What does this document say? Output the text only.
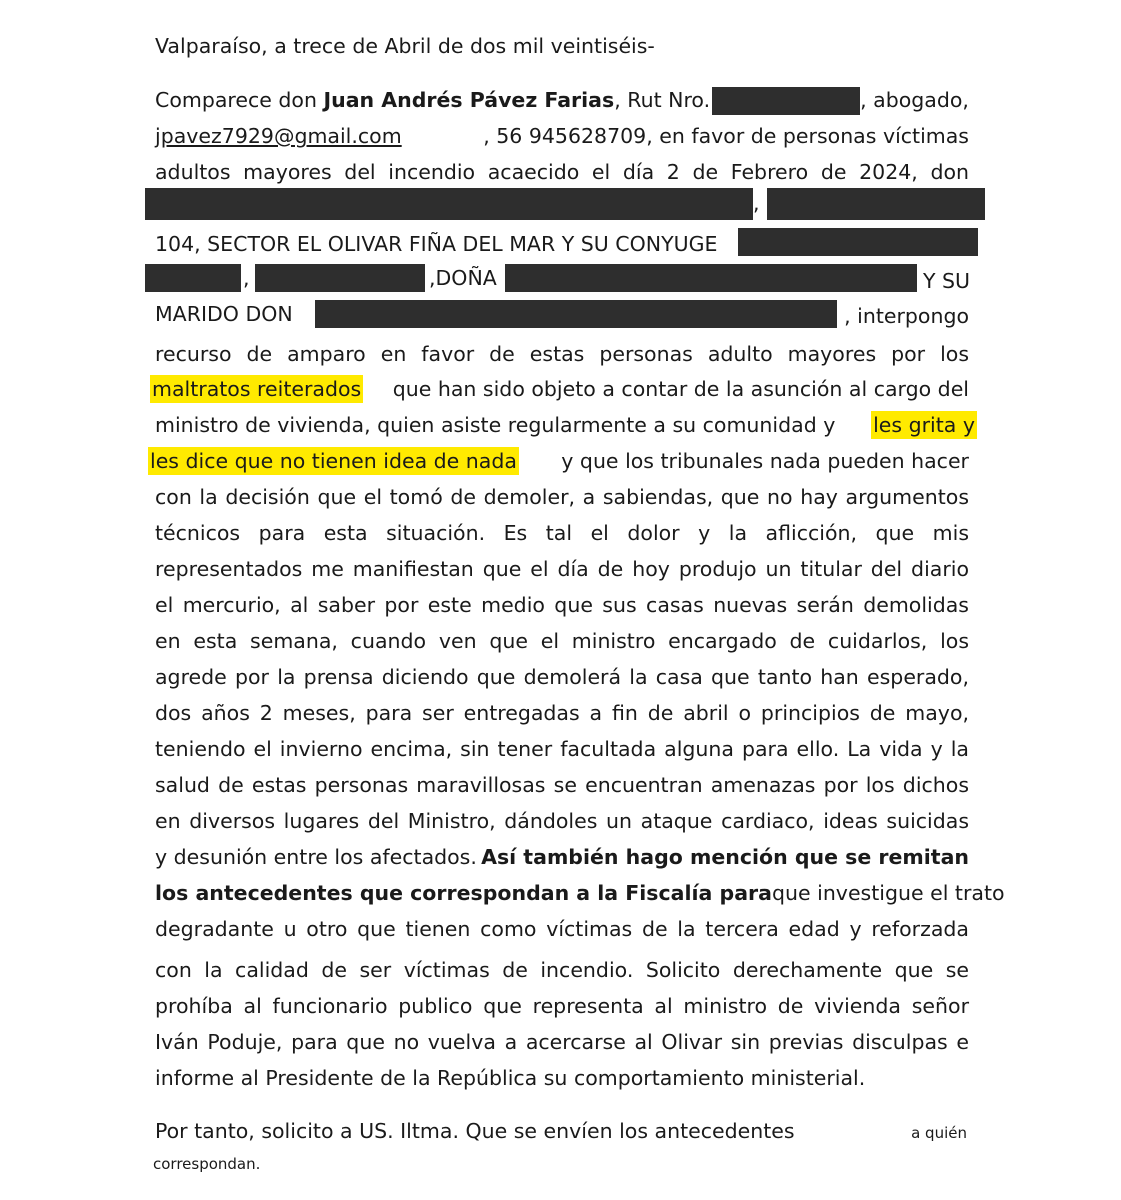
Valparaíso, a trece de Abril de dos mil veintiséis-
Comparece don Juan Andrés Pávez Farias, Rut Nro.	, abogado,
jpavez7929@gmail.com	, 56 945628709, en favor de personas víctimas
adultos mayores del incendio acaecido el día 2 de Febrero de 2024, don
,
104, SECTOR EL OLIVAR FIÑA DEL MAR Y SU CONYUGE
,	,DOÑA	Y SU
MARIDO DON	, interpongo
recurso de amparo en favor de estas personas adulto mayores por los
maltratos reiterados que han sido objeto a contar de la asunción al cargo del
ministro de vivienda, quien asiste regularmente a su comunidad y les grita y
les dice que no tienen idea de nada y que los tribunales nada pueden hacer
con la decisión que el tomó de demoler, a sabiendas, que no hay argumentos
técnicos para esta situación. Es tal el dolor y la aflicción, que mis
representados me manifiestan que el día de hoy produjo un titular del diario
el mercurio, al saber por este medio que sus casas nuevas serán demolidas
en esta semana, cuando ven que el ministro encargado de cuidarlos, los
agrede por la prensa diciendo que demolerá la casa que tanto han esperado,
dos años 2 meses, para ser entregadas a fin de abril o principios de mayo,
teniendo el invierno encima, sin tener facultada alguna para ello. La vida y la
salud de estas personas maravillosas se encuentran amenazas por los dichos
en diversos lugares del Ministro, dándoles un ataque cardiaco, ideas suicidas
y desunión entre los afectados. Así también hago mención que se remitan
los antecedentes que correspondan a la Fiscalía para que investigue el trato
degradante u otro que tienen como víctimas de la tercera edad y reforzada
con la calidad de ser víctimas de incendio. Solicito derechamente que se
prohíba al funcionario publico que representa al ministro de vivienda señor
Iván Poduje, para que no vuelva a acercarse al Olivar sin previas disculpas e
informe al Presidente de la República su comportamiento ministerial.
Por tanto, solicito a US. Iltma. Que se envíen los antecedentes	a quién
correspondan.
